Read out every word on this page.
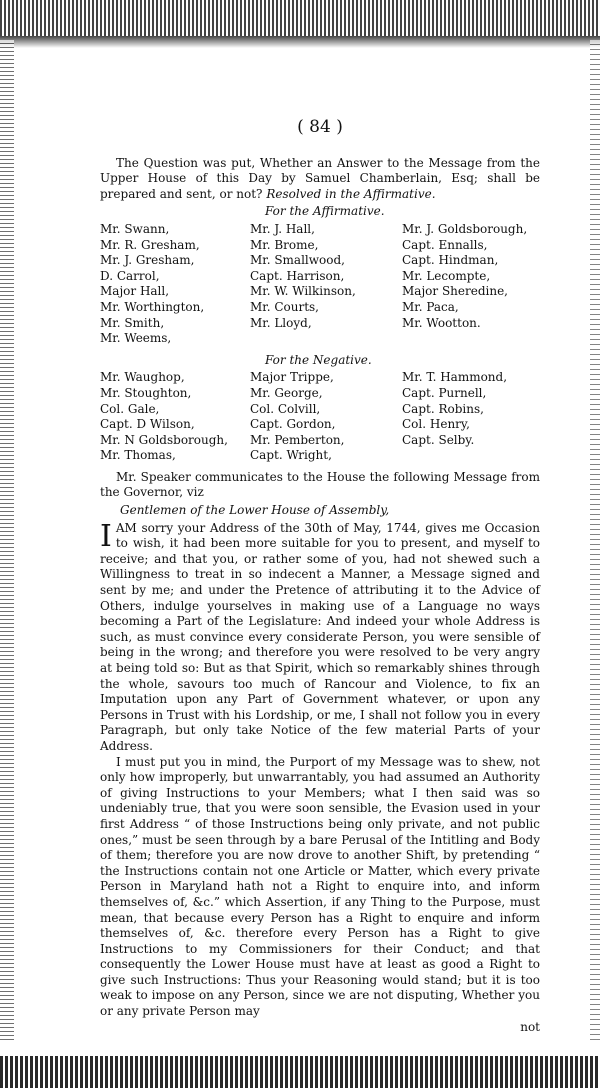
( 84 )

The Question was put, Whether an Answer to the Message from the Upper House of this Day by Samuel Chamberlain, Esq; shall be prepared and sent, or not? Resolved in the Affirmative.

For the Affirmative.
Mr. Swann,
Mr. R. Gresham,
Mr. J. Gresham,
D. Carrol,
Major Hall,
Mr. Worthington,
Mr. Smith,
Mr. Weems,
Mr. J. Hall,
Mr. Brome,
Mr. Smallwood,
Capt. Harrison,
Mr. W. Wilkinson,
Mr. Courts,
Mr. Lloyd,

Mr. J. Goldsborough,
Capt. Ennalls,
Capt. Hindman,
Mr. Lecompte,
Major Sheredine,
Mr. Paca,
Mr. Wootton.

For the Negative.
Mr. Waughop,
Mr. Stoughton,
Col. Gale,
Capt. D Wilson,
Mr. N Goldsborough,
Mr. Thomas,
Major Trippe,
Mr. George,
Col. Colvill,
Capt. Gordon,
Mr. Pemberton,
Capt. Wright,
Mr. T. Hammond,
Capt. Purnell,
Capt. Robins,
Col. Henry,
Capt. Selby.

Mr. Speaker communicates to the House the following Message from the Governor, viz

Gentlemen of the Lower House of Assembly,

I AM sorry your Address of the 30th of May, 1744, gives me Occasion to wish, it had been more suitable for you to present, and myself to receive; and that you, or rather some of you, had not shewed such a Willingness to treat in so indecent a Manner, a Message signed and sent by me; and under the Pretence of attributing it to the Advice of Others, indulge yourselves in making use of a Language no ways becoming a Part of the Legislature: And indeed your whole Address is such, as must convince every considerate Person, you were sensible of being in the wrong; and therefore you were resolved to be very angry at being told so: But as that Spirit, which so remarkably shines through the whole, savours too much of Rancour and Violence, to fix an Imputation upon any Part of Government whatever, or upon any Persons in Trust with his Lordship, or me, I shall not follow you in every Paragraph, but only take Notice of the few material Parts of your Address.

I must put you in mind, the Purport of my Message was to shew, not only how improperly, but unwarrantably, you had assumed an Authority of giving Instructions to your Members; what I then said was so undeniably true, that you were soon sensible, the Evasion used in your first Address “ of those Instructions being only private, and not public ones,” must be seen through by a bare Perusal of the Intitling and Body of them; therefore you are now drove to another Shift, by pretending “ the Instructions contain not one Article or Matter, which every private Person in Maryland hath not a Right to enquire into, and inform themselves of, &c.” which Assertion, if any Thing to the Purpose, must mean, that because every Person has a Right to enquire and inform themselves of, &c. therefore every Person has a Right to give Instructions to my Commissioners for their Conduct; and that consequently the Lower House must have at least as good a Right to give such Instructions: Thus your Reasoning would stand; but it is too weak to impose on any Person, since we are not disputing, Whether you or any private Person may

not
